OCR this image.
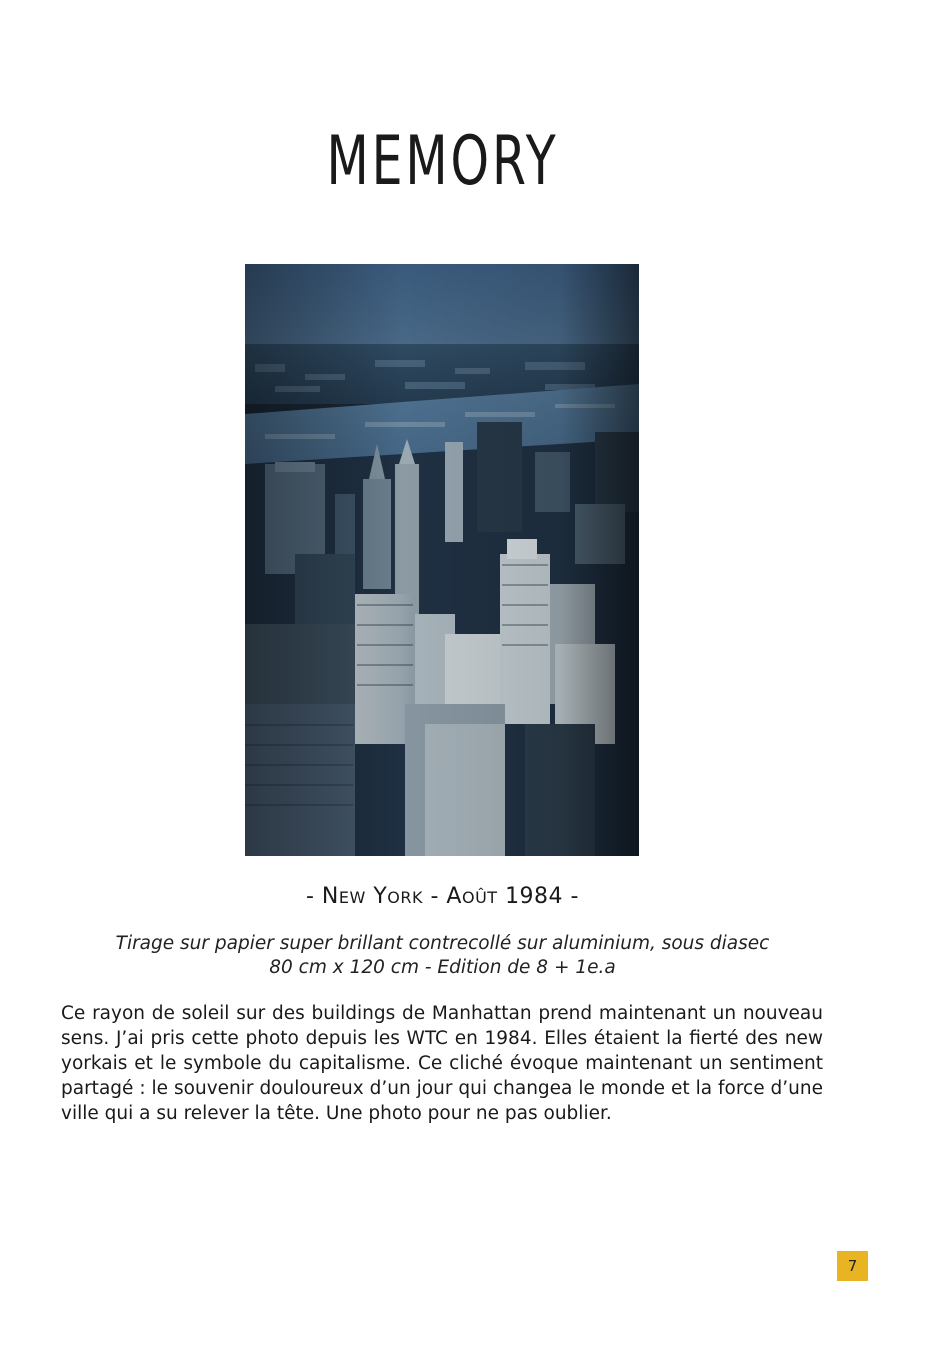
MEMORY
- NEW YORK - AOÛT 1984 -
Tirage sur papier super brillant contrecollé sur aluminium, sous diasec
80 cm x 120 cm - Edition de 8 + 1e.a

Ce rayon de soleil sur des buildings de Manhattan prend maintenant un nouveau sens. J’ai pris cette photo depuis les WTC en 1984. Elles étaient la fierté des new yorkais et le symbole du capitalisme. Ce cliché évoque maintenant un sentiment partagé : le souvenir douloureux d’un jour qui changea le monde et la force d’une ville qui a su relever la tête. Une photo pour ne pas oublier.

7
